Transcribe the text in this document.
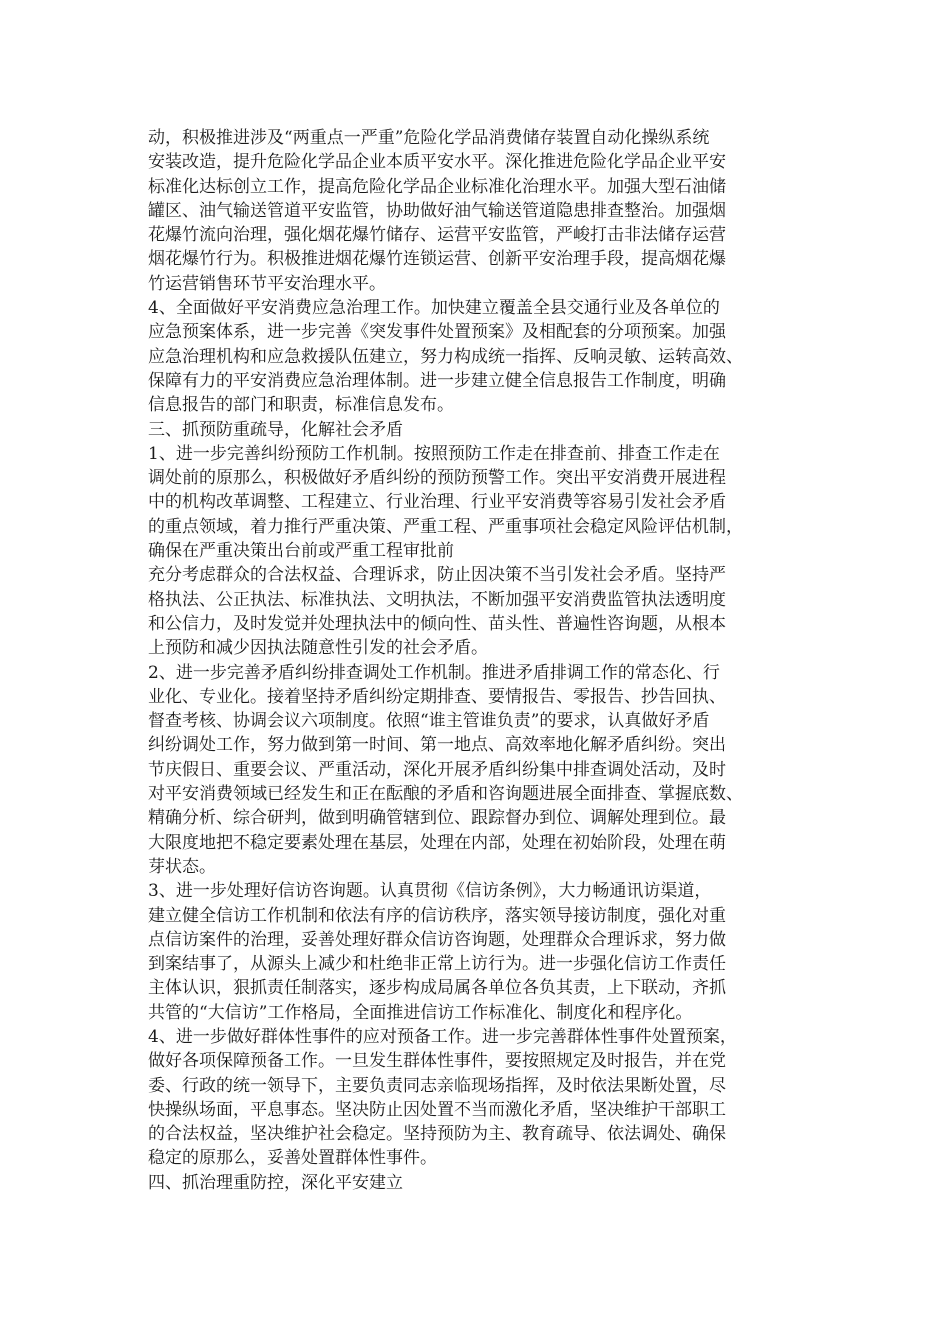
动，积极推进涉及“两重点一严重”危险化学品消费储存装置自动化操纵系统
安装改造，提升危险化学品企业本质平安水平。深化推进危险化学品企业平安
标准化达标创立工作，提高危险化学品企业标准化治理水平。加强大型石油储
罐区、油气输送管道平安监管，协助做好油气输送管道隐患排查整治。加强烟
花爆竹流向治理，强化烟花爆竹储存、运营平安监管，严峻打击非法储存运营
烟花爆竹行为。积极推进烟花爆竹连锁运营、创新平安治理手段，提高烟花爆
竹运营销售环节平安治理水平。
4、全面做好平安消费应急治理工作。加快建立覆盖全县交通行业及各单位的
应急预案体系，进一步完善《突发事件处置预案》及相配套的分项预案。加强
应急治理机构和应急救援队伍建立，努力构成统一指挥、反响灵敏、运转高效、
保障有力的平安消费应急治理体制。进一步建立健全信息报告工作制度，明确
信息报告的部门和职责，标准信息发布。
三、抓预防重疏导，化解社会矛盾
1、进一步完善纠纷预防工作机制。按照预防工作走在排查前、排查工作走在
调处前的原那么，积极做好矛盾纠纷的预防预警工作。突出平安消费开展进程
中的机构改革调整、工程建立、行业治理、行业平安消费等容易引发社会矛盾
的重点领域，着力推行严重决策、严重工程、严重事项社会稳定风险评估机制，
确保在严重决策出台前或严重工程审批前
充分考虑群众的合法权益、合理诉求，防止因决策不当引发社会矛盾。坚持严
格执法、公正执法、标准执法、文明执法，不断加强平安消费监管执法透明度
和公信力，及时发觉并处理执法中的倾向性、苗头性、普遍性咨询题，从根本
上预防和减少因执法随意性引发的社会矛盾。
2、进一步完善矛盾纠纷排查调处工作机制。推进矛盾排调工作的常态化、行
业化、专业化。接着坚持矛盾纠纷定期排查、要情报告、零报告、抄告回执、
督查考核、协调会议六项制度。依照“谁主管谁负责”的要求，认真做好矛盾
纠纷调处工作，努力做到第一时间、第一地点、高效率地化解矛盾纠纷。突出
节庆假日、重要会议、严重活动，深化开展矛盾纠纷集中排查调处活动，及时
对平安消费领域已经发生和正在酝酿的矛盾和咨询题进展全面排查、掌握底数、
精确分析、综合研判，做到明确管辖到位、跟踪督办到位、调解处理到位。最
大限度地把不稳定要素处理在基层，处理在内部，处理在初始阶段，处理在萌
芽状态。
3、进一步处理好信访咨询题。认真贯彻《信访条例》，大力畅通讯访渠道，
建立健全信访工作机制和依法有序的信访秩序，落实领导接访制度，强化对重
点信访案件的治理，妥善处理好群众信访咨询题，处理群众合理诉求，努力做
到案结事了，从源头上减少和杜绝非正常上访行为。进一步强化信访工作责任
主体认识，狠抓责任制落实，逐步构成局属各单位各负其责，上下联动，齐抓
共管的“大信访”工作格局，全面推进信访工作标准化、制度化和程序化。
4、进一步做好群体性事件的应对预备工作。进一步完善群体性事件处置预案，
做好各项保障预备工作。一旦发生群体性事件，要按照规定及时报告，并在党
委、行政的统一领导下，主要负责同志亲临现场指挥，及时依法果断处置，尽
快操纵场面，平息事态。坚决防止因处置不当而激化矛盾，坚决维护干部职工
的合法权益，坚决维护社会稳定。坚持预防为主、教育疏导、依法调处、确保
稳定的原那么，妥善处置群体性事件。
四、抓治理重防控，深化平安建立
